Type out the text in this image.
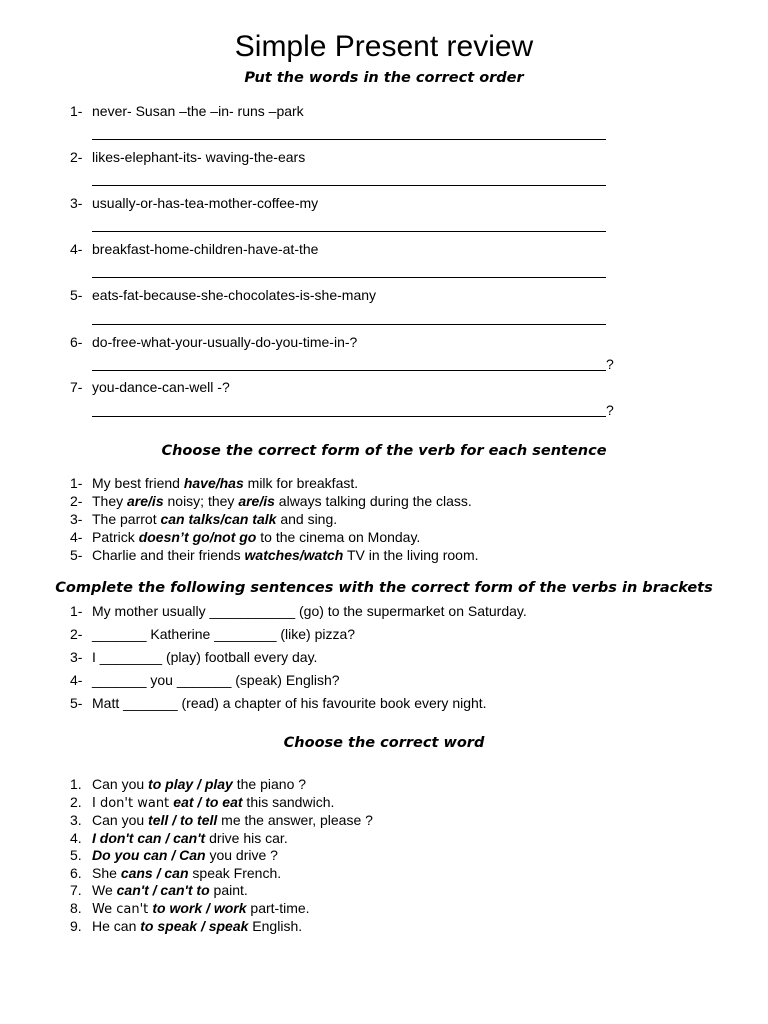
Simple Present review
Put the words in the correct order
1- never- Susan –the –in- runs –park
2- likes-elephant-its- waving-the-ears
3- usually-or-has-tea-mother-coffee-my
4- breakfast-home-children-have-at-the
5- eats-fat-because-she-chocolates-is-she-many
6- do-free-what-your-usually-do-you-time-in-?
?
7- you-dance-can-well -?
?
Choose the correct form of the verb for each sentence
1- My best friend have/has milk for breakfast.
2- They are/is noisy; they are/is always talking during the class.
3- The parrot can talks/can talk and sing.
4- Patrick doesn’t go/not go to the cinema on Monday.
5- Charlie and their friends watches/watch TV in the living room.
Complete the following sentences with the correct form of the verbs in brackets
1- My mother usually ___________ (go) to the supermarket on Saturday.
2- _______ Katherine ________ (like) pizza?
3- I ________ (play) football every day.
4- _______ you _______ (speak) English?
5- Matt _______ (read) a chapter of his favourite book every night.
Choose the correct word
1. Can you to play / play the piano ?
2. I don't want eat / to eat this sandwich.
3. Can you tell / to tell me the answer, please ?
4. I don't can / can't drive his car.
5. Do you can / Can you drive ?
6. She cans / can speak French.
7. We can't / can't to paint.
8. We can't to work / work part-time.
9. He can to speak / speak English.
